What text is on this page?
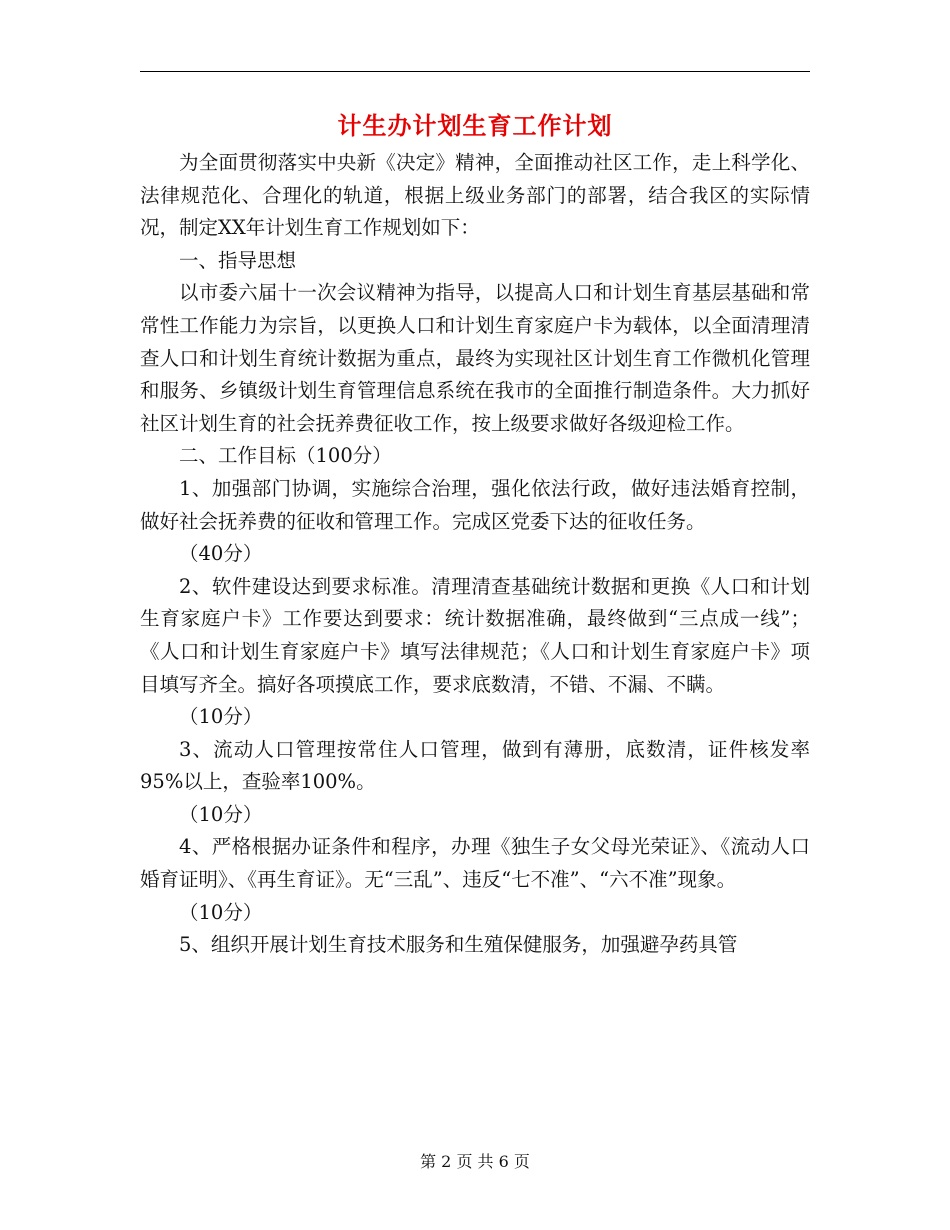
计生办计划生育工作计划

为全面贯彻落实中央新《决定》精神，全面推动社区工作，走上科学化、法律规范化、合理化的轨道，根据上级业务部门的部署，结合我区的实际情况，制定XX年计划生育工作规划如下：

一、指导思想

以市委六届十一次会议精神为指导，以提高人口和计划生育基层基础和常常性工作能力为宗旨，以更换人口和计划生育家庭户卡为载体，以全面清理清查人口和计划生育统计数据为重点，最终为实现社区计划生育工作微机化管理和服务、乡镇级计划生育管理信息系统在我市的全面推行制造条件。大力抓好社区计划生育的社会抚养费征收工作，按上级要求做好各级迎检工作。

二、工作目标（100分）

1、加强部门协调，实施综合治理，强化依法行政，做好违法婚育控制，做好社会抚养费的征收和管理工作。完成区党委下达的征收任务。

（40分）

2、软件建设达到要求标准。清理清查基础统计数据和更换《人口和计划生育家庭户卡》工作要达到要求：统计数据准确，最终做到“三点成一线”；《人口和计划生育家庭户卡》填写法律规范；《人口和计划生育家庭户卡》项目填写齐全。搞好各项摸底工作，要求底数清，不错、不漏、不瞒。

（10分）

3、流动人口管理按常住人口管理，做到有薄册，底数清，证件核发率95%以上，查验率100%。

（10分）

4、严格根据办证条件和程序，办理《独生子女父母光荣证》、《流动人口婚育证明》、《再生育证》。无“三乱”、违反“七不准”、“六不准”现象。

（10分）

5、组织开展计划生育技术服务和生殖保健服务，加强避孕药具管

第 2 页 共 6 页
